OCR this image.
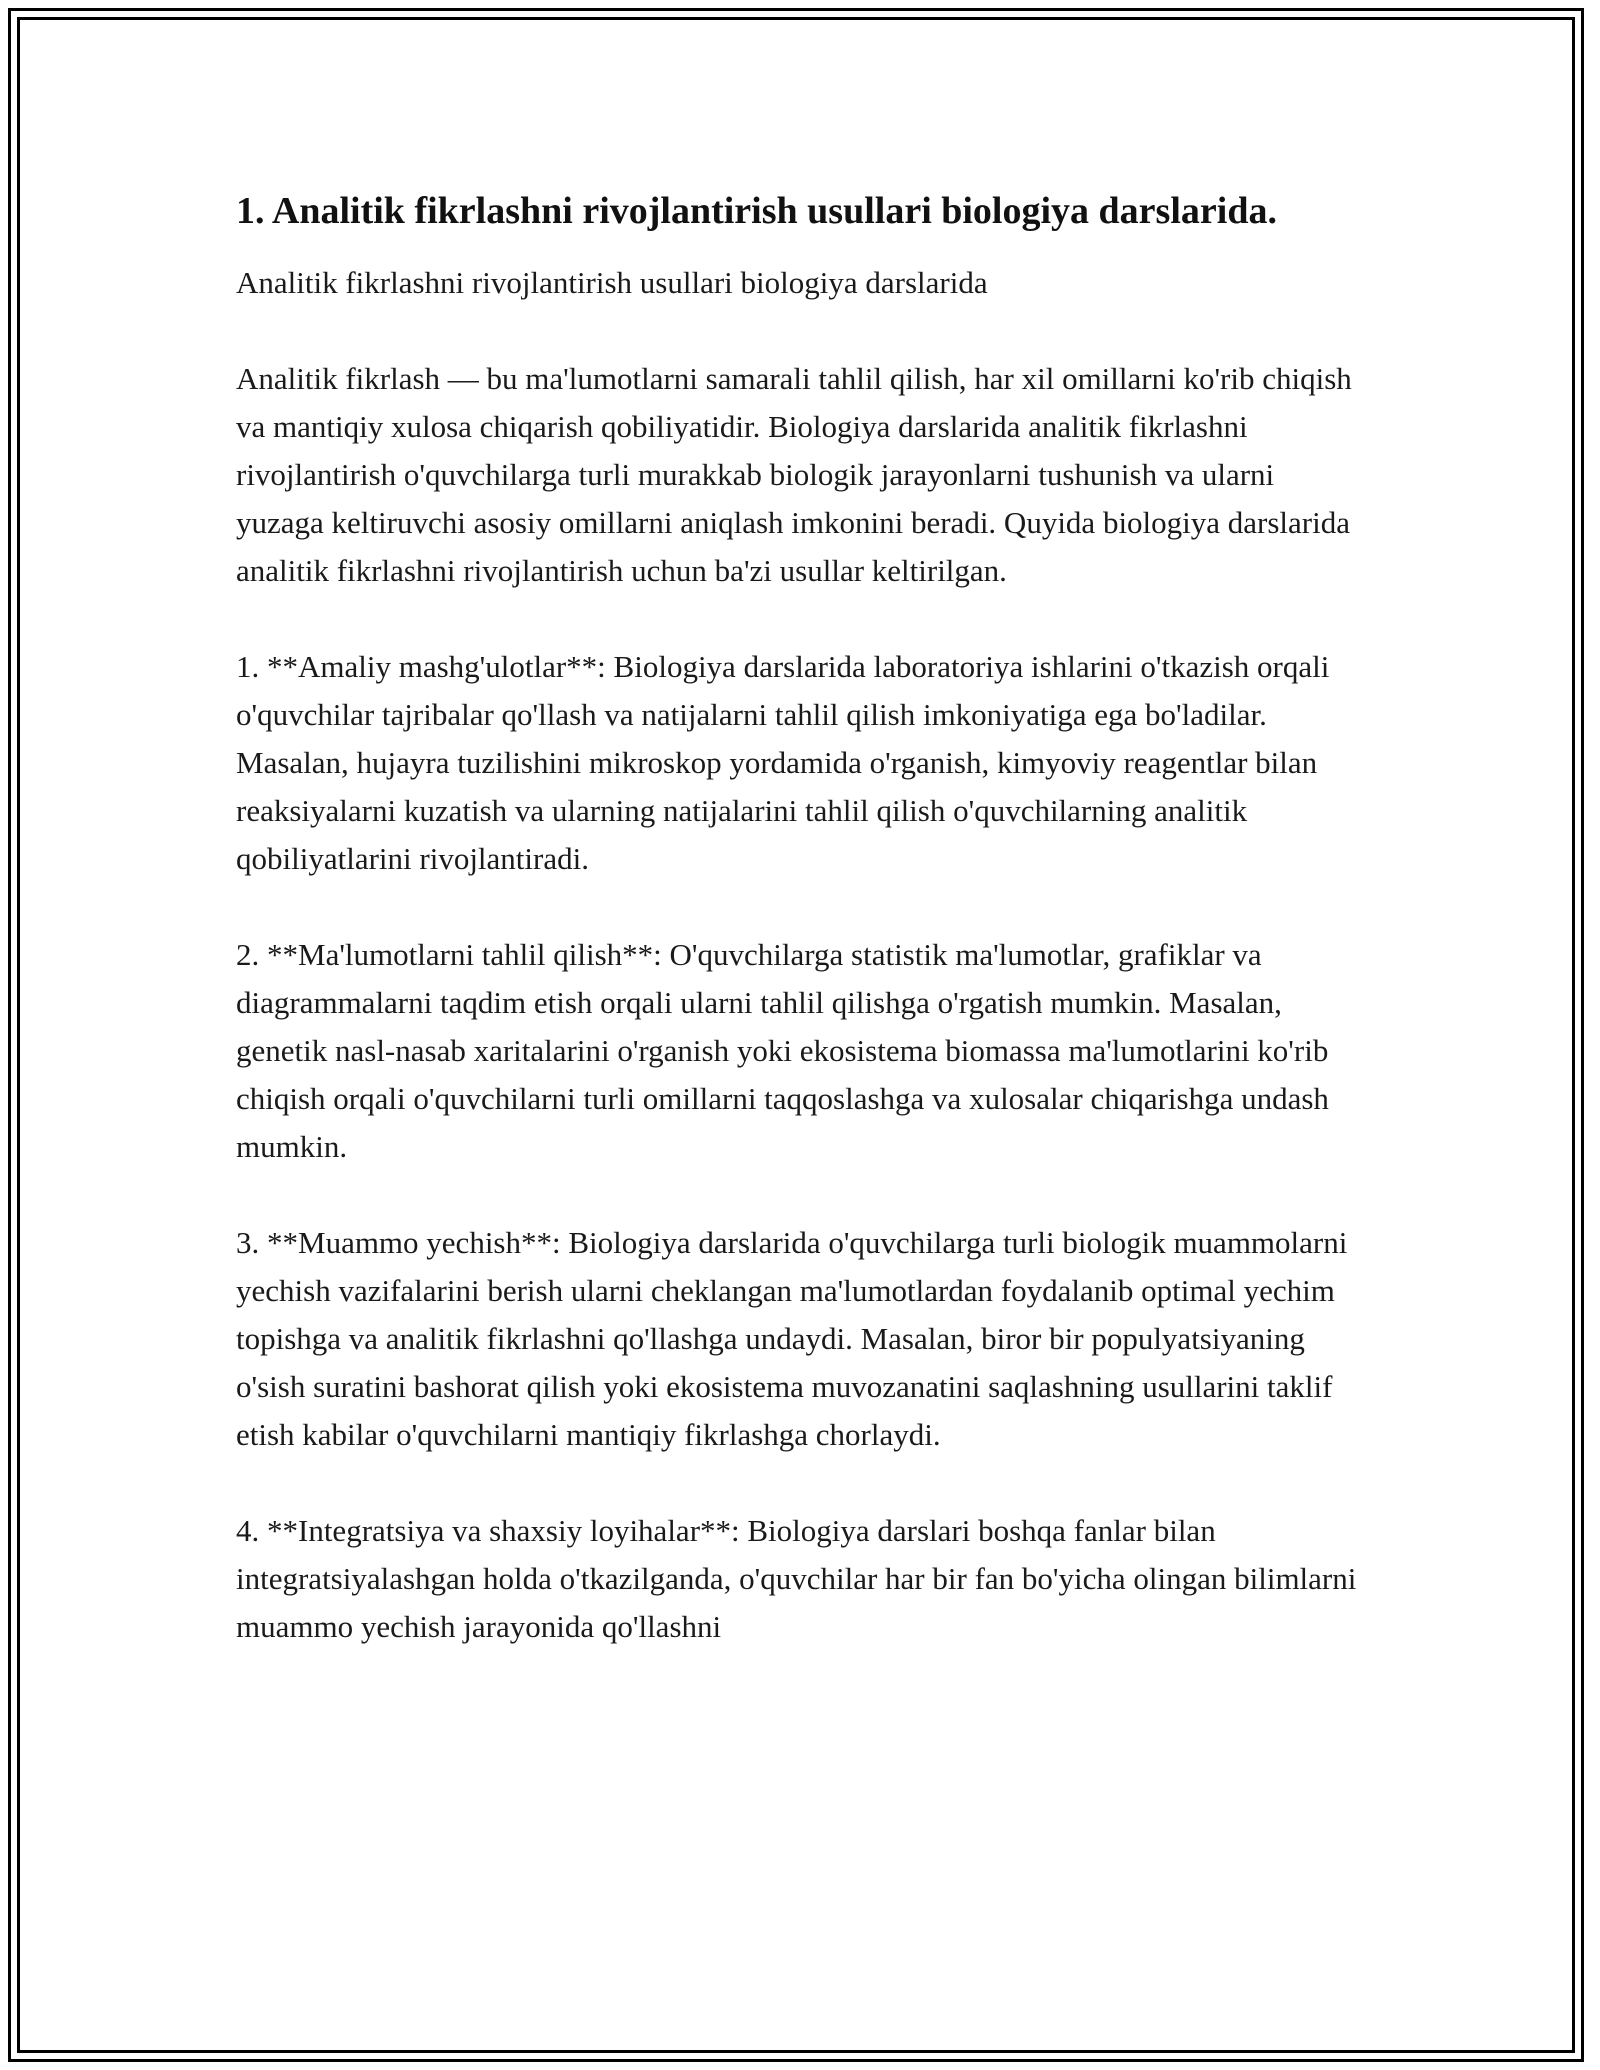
1. Analitik fikrlashni rivojlantirish usullari biologiya darslarida.

Analitik fikrlashni rivojlantirish usullari biologiya darslarida

Analitik fikrlash — bu ma'lumotlarni samarali tahlil qilish, har xil omillarni ko'rib chiqish va mantiqiy xulosa chiqarish qobiliyatidir. Biologiya darslarida analitik fikrlashni rivojlantirish o'quvchilarga turli murakkab biologik jarayonlarni tushunish va ularni yuzaga keltiruvchi asosiy omillarni aniqlash imkonini beradi. Quyida biologiya darslarida analitik fikrlashni rivojlantirish uchun ba'zi usullar keltirilgan.

1. **Amaliy mashg'ulotlar**: Biologiya darslarida laboratoriya ishlarini o'tkazish orqali o'quvchilar tajribalar qo'llash va natijalarni tahlil qilish imkoniyatiga ega bo'ladilar. Masalan, hujayra tuzilishini mikroskop yordamida o'rganish, kimyoviy reagentlar bilan reaksiyalarni kuzatish va ularning natijalarini tahlil qilish o'quvchilarning analitik qobiliyatlarini rivojlantiradi.

2. **Ma'lumotlarni tahlil qilish**: O'quvchilarga statistik ma'lumotlar, grafiklar va diagrammalarni taqdim etish orqali ularni tahlil qilishga o'rgatish mumkin. Masalan, genetik nasl-nasab xaritalarini o'rganish yoki ekosistema biomassa ma'lumotlarini ko'rib chiqish orqali o'quvchilarni turli omillarni taqqoslashga va xulosalar chiqarishga undash mumkin.

3. **Muammo yechish**: Biologiya darslarida o'quvchilarga turli biologik muammolarni yechish vazifalarini berish ularni cheklangan ma'lumotlardan foydalanib optimal yechim topishga va analitik fikrlashni qo'llashga undaydi. Masalan, biror bir populyatsiyaning o'sish suratini bashorat qilish yoki ekosistema muvozanatini saqlashning usullarini taklif etish kabilar o'quvchilarni mantiqiy fikrlashga chorlaydi.

4. **Integratsiya va shaxsiy loyihalar**: Biologiya darslari boshqa fanlar bilan integratsiyalashgan holda o'tkazilganda, o'quvchilar har bir fan bo'yicha olingan bilimlarni muammo yechish jarayonida qo'llashni
